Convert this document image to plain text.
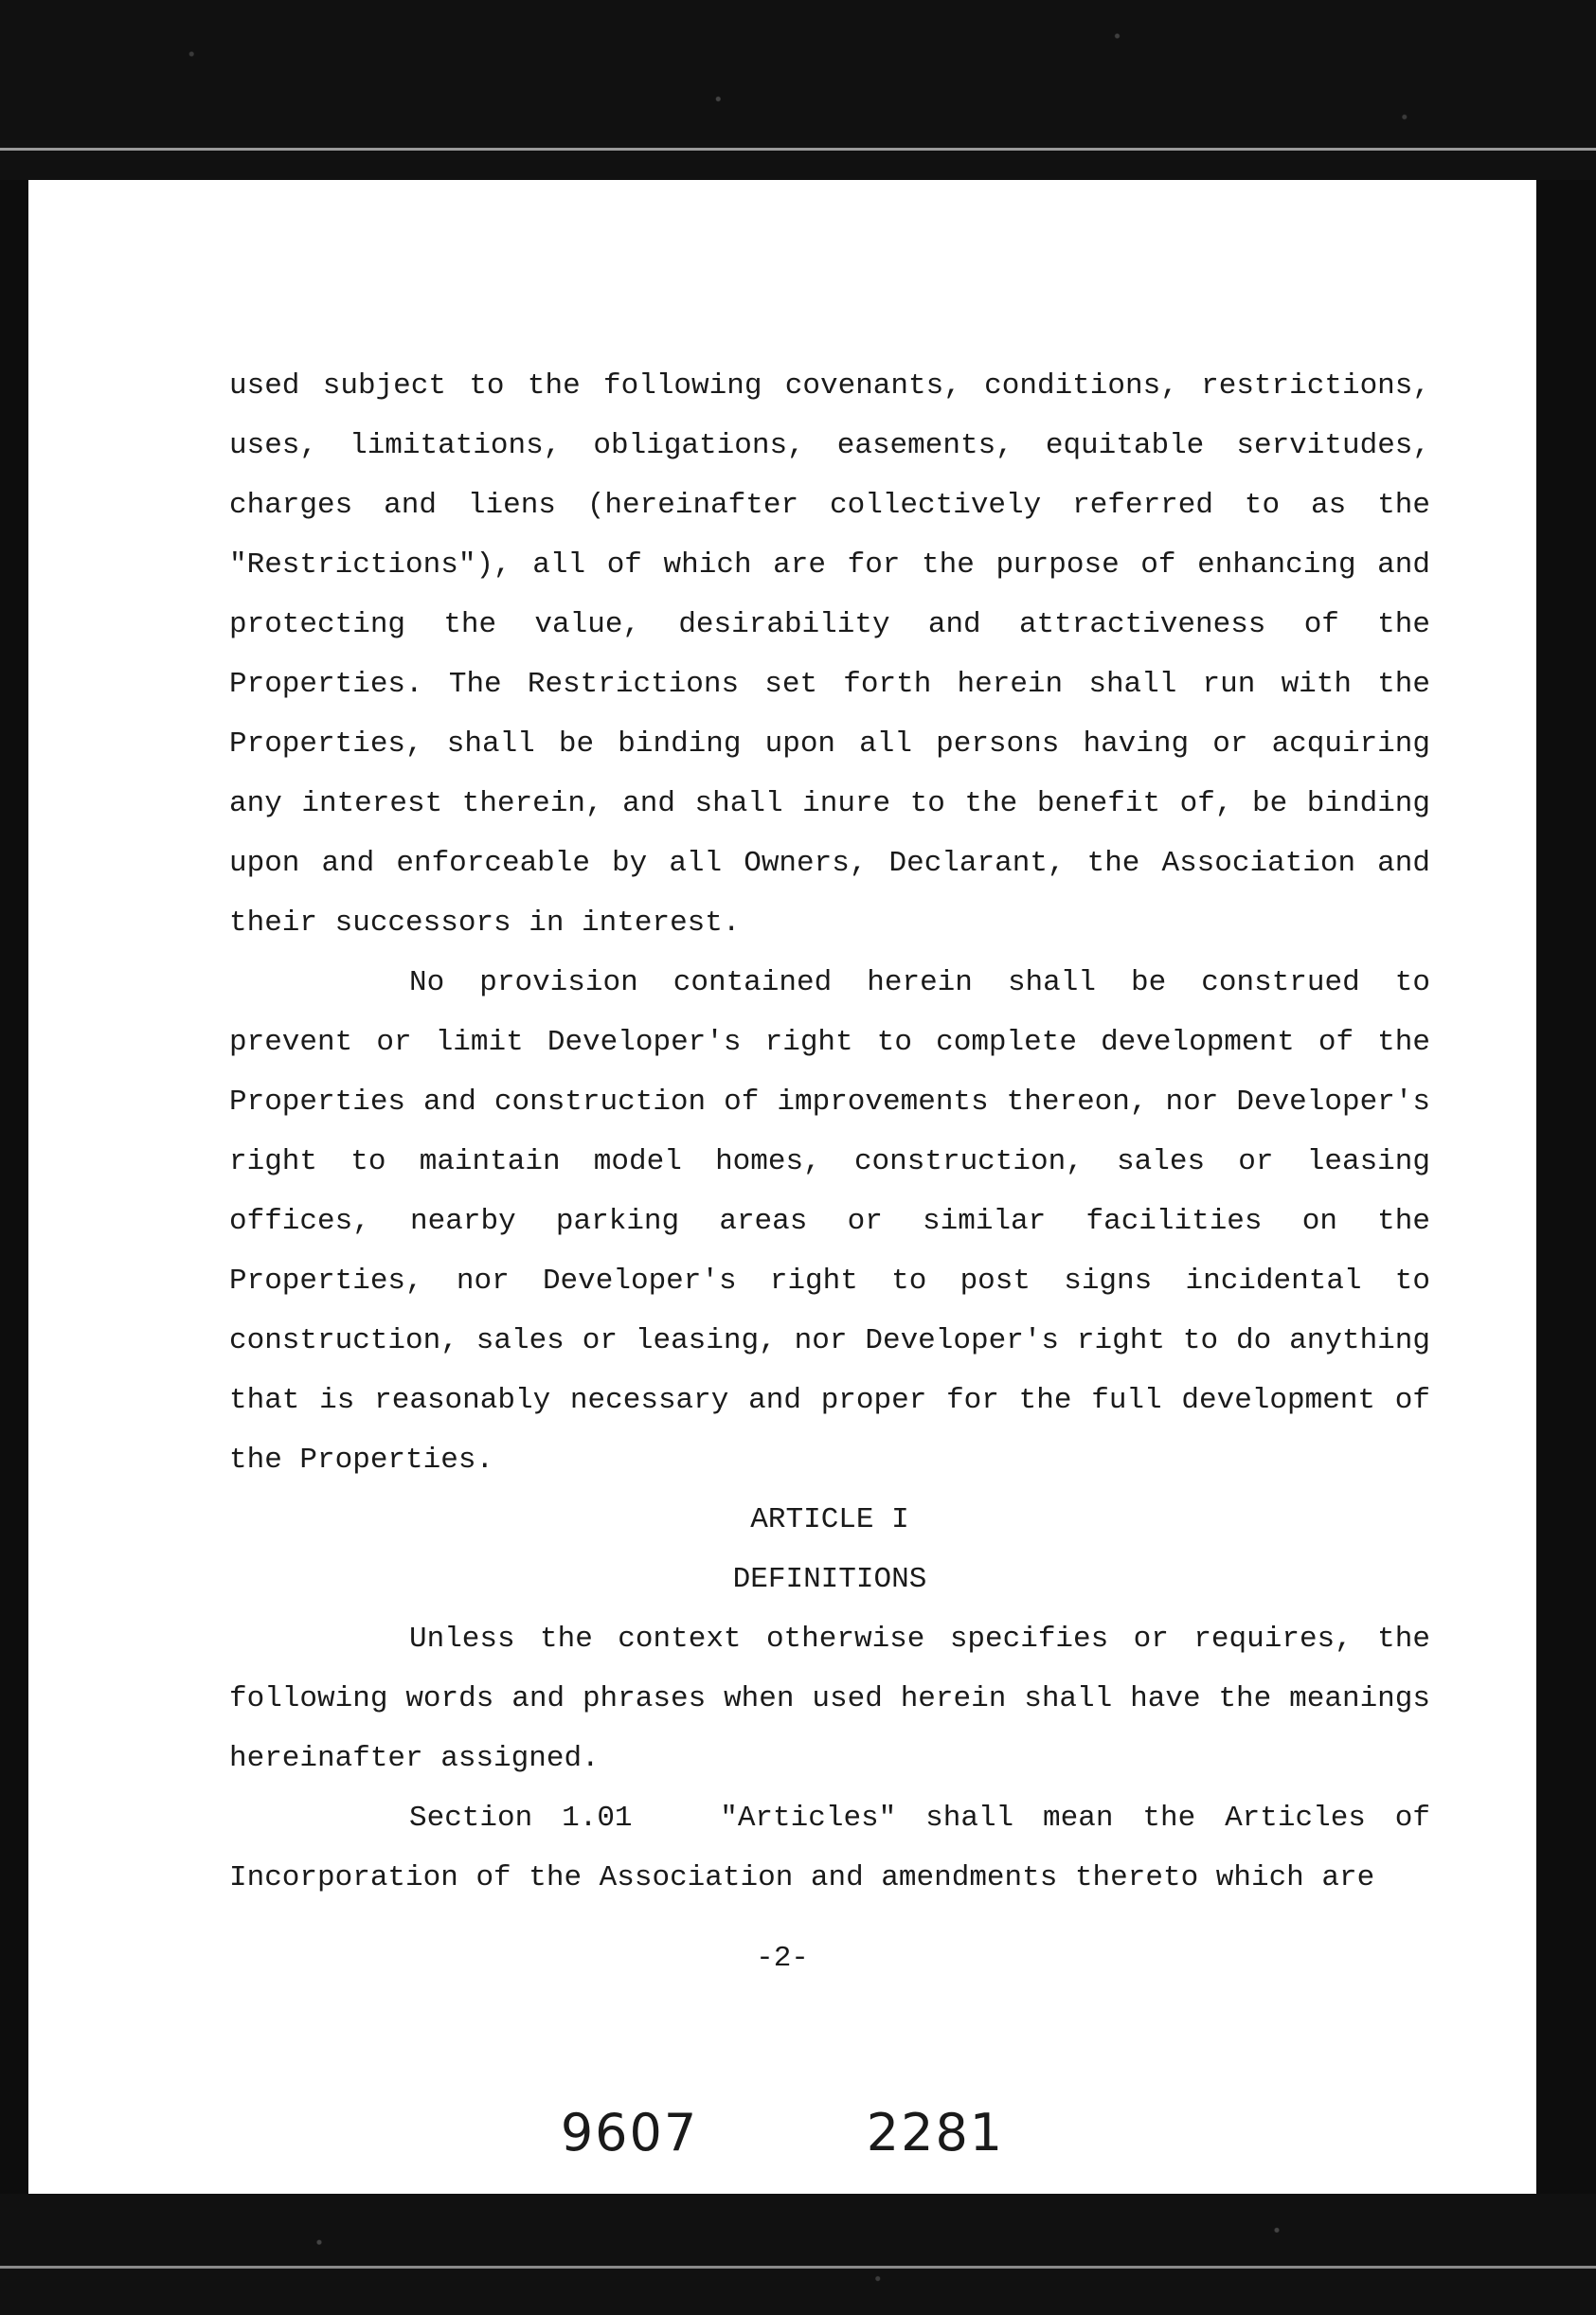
used subject to the following covenants, conditions, restrictions, uses, limitations, obligations, easements, equitable servitudes, charges and liens (hereinafter collectively referred to as the "Restrictions"), all of which are for the purpose of enhancing and protecting the value, desirability and attractiveness of the Properties. The Restrictions set forth herein shall run with the Properties, shall be binding upon all persons having or acquiring any interest therein, and shall inure to the benefit of, be binding upon and enforceable by all Owners, Declarant, the Association and their successors in interest.

No provision contained herein shall be construed to prevent or limit Developer's right to complete development of the Properties and construction of improvements thereon, nor Developer's right to maintain model homes, construction, sales or leasing offices, nearby parking areas or similar facilities on the Properties, nor Developer's right to post signs incidental to construction, sales or leasing, nor Developer's right to do anything that is reasonably necessary and proper for the full development of the Properties.

ARTICLE I
DEFINITIONS

Unless the context otherwise specifies or requires, the following words and phrases when used herein shall have the meanings hereinafter assigned.

Section 1.01   "Articles" shall mean the Articles of Incorporation of the Association and amendments thereto which are

-2-
9607   2281
